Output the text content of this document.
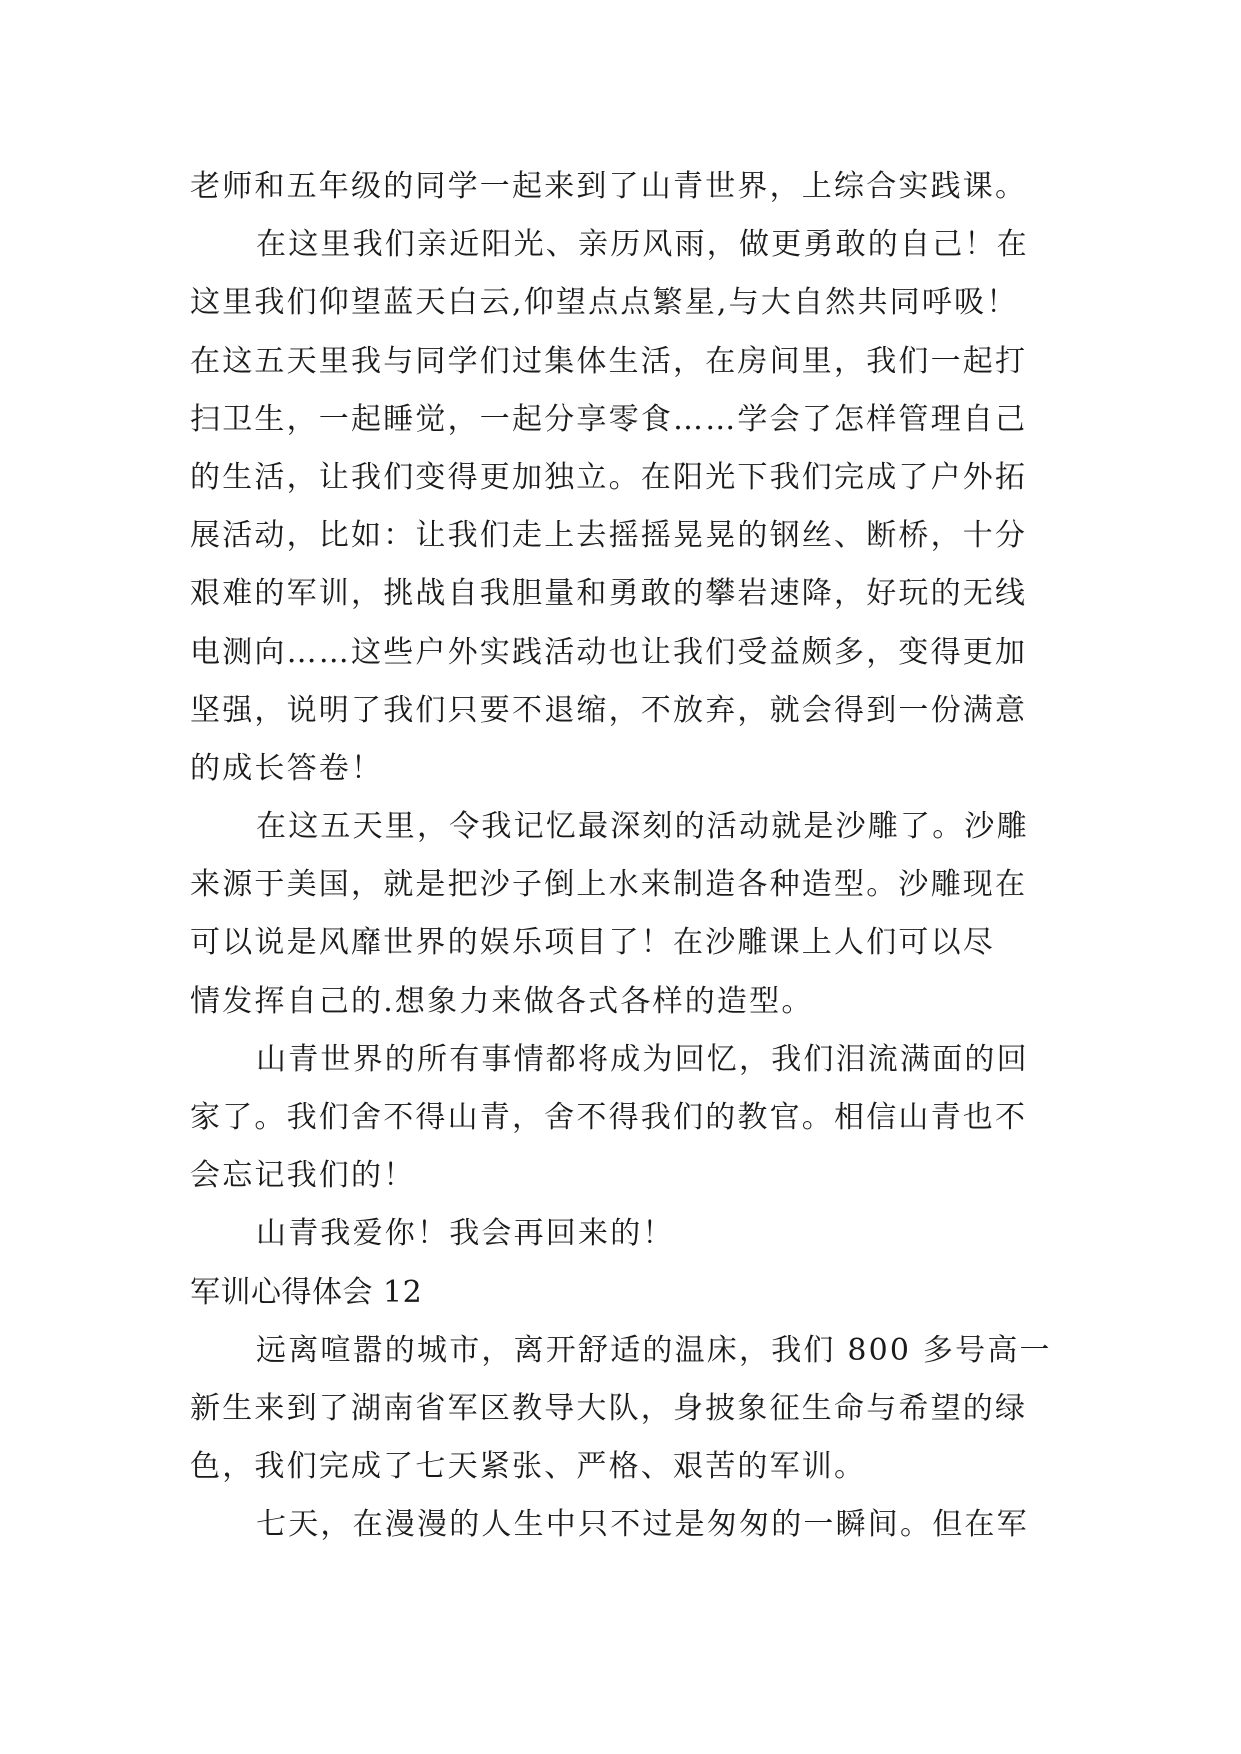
老师和五年级的同学一起来到了山青世界，上综合实践课。
在这里我们亲近阳光、亲历风雨，做更勇敢的自己！在
这里我们仰望蓝天白云,仰望点点繁星,与大自然共同呼吸！
在这五天里我与同学们过集体生活，在房间里，我们一起打
扫卫生，一起睡觉，一起分享零食……学会了怎样管理自己
的生活，让我们变得更加独立。在阳光下我们完成了户外拓
展活动，比如：让我们走上去摇摇晃晃的钢丝、断桥，十分
艰难的军训，挑战自我胆量和勇敢的攀岩速降，好玩的无线
电测向……这些户外实践活动也让我们受益颇多，变得更加
坚强，说明了我们只要不退缩，不放弃，就会得到一份满意
的成长答卷！
在这五天里，令我记忆最深刻的活动就是沙雕了。沙雕
来源于美国，就是把沙子倒上水来制造各种造型。沙雕现在
可以说是风靡世界的娱乐项目了！在沙雕课上人们可以尽
情发挥自己的.想象力来做各式各样的造型。
山青世界的所有事情都将成为回忆，我们泪流满面的回
家了。我们舍不得山青，舍不得我们的教官。相信山青也不
会忘记我们的！
山青我爱你！我会再回来的！
军训心得体会 12
远离喧嚣的城市，离开舒适的温床，我们 800 多号高一
新生来到了湖南省军区教导大队，身披象征生命与希望的绿
色，我们完成了七天紧张、严格、艰苦的军训。
七天，在漫漫的人生中只不过是匆匆的一瞬间。但在军
